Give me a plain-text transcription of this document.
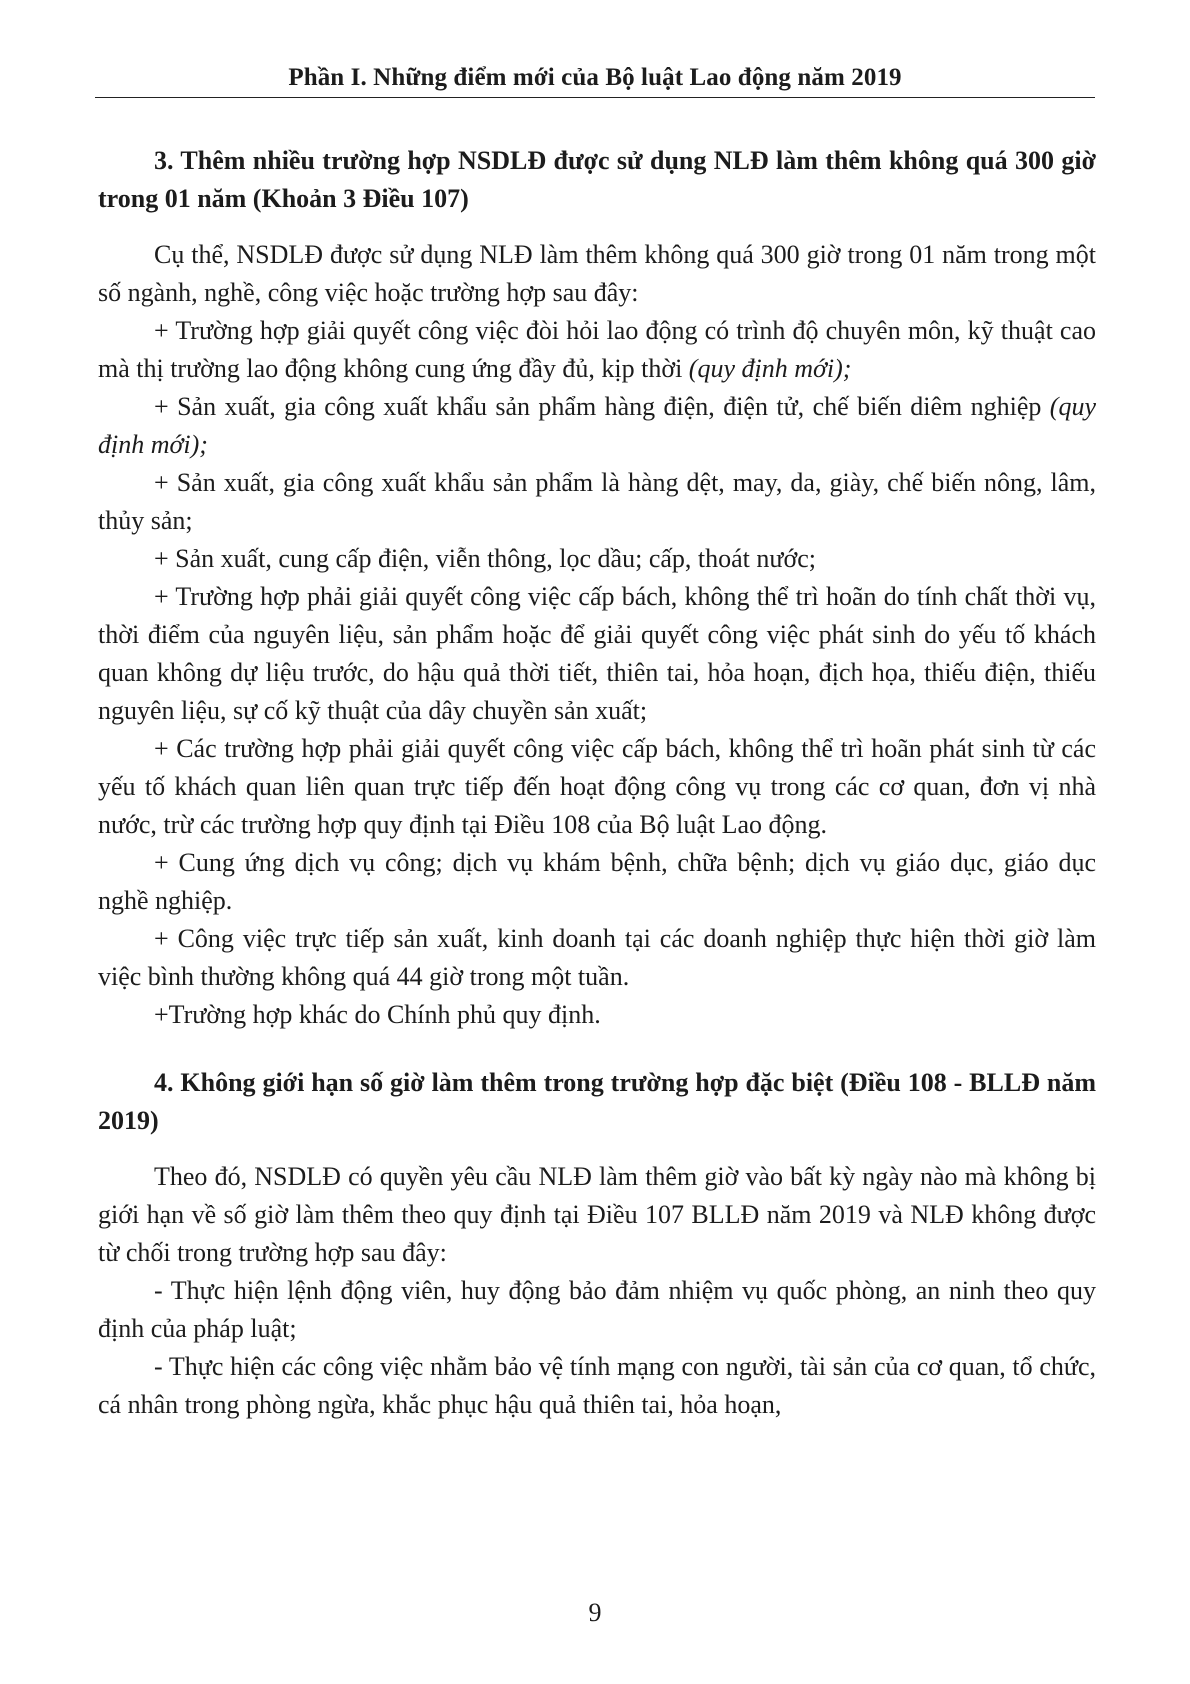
Phần I. Những điểm mới của Bộ luật Lao động năm 2019

3. Thêm nhiều trường hợp NSDLĐ được sử dụng NLĐ làm thêm không quá 300 giờ trong 01 năm (Khoản 3 Điều 107)

Cụ thể, NSDLĐ được sử dụng NLĐ làm thêm không quá 300 giờ trong 01 năm trong một số ngành, nghề, công việc hoặc trường hợp sau đây:

+ Trường hợp giải quyết công việc đòi hỏi lao động có trình độ chuyên môn, kỹ thuật cao mà thị trường lao động không cung ứng đầy đủ, kịp thời (quy định mới);

+ Sản xuất, gia công xuất khẩu sản phẩm hàng điện, điện tử, chế biến diêm nghiệp (quy định mới);

+ Sản xuất, gia công xuất khẩu sản phẩm là hàng dệt, may, da, giày, chế biến nông, lâm, thủy sản;

+ Sản xuất, cung cấp điện, viễn thông, lọc dầu; cấp, thoát nước;

+ Trường hợp phải giải quyết công việc cấp bách, không thể trì hoãn do tính chất thời vụ, thời điểm của nguyên liệu, sản phẩm hoặc để giải quyết công việc phát sinh do yếu tố khách quan không dự liệu trước, do hậu quả thời tiết, thiên tai, hỏa hoạn, địch họa, thiếu điện, thiếu nguyên liệu, sự cố kỹ thuật của dây chuyền sản xuất;

+ Các trường hợp phải giải quyết công việc cấp bách, không thể trì hoãn phát sinh từ các yếu tố khách quan liên quan trực tiếp đến hoạt động công vụ trong các cơ quan, đơn vị nhà nước, trừ các trường hợp quy định tại Điều 108 của Bộ luật Lao động.

+ Cung ứng dịch vụ công; dịch vụ khám bệnh, chữa bệnh; dịch vụ giáo dục, giáo dục nghề nghiệp.

+ Công việc trực tiếp sản xuất, kinh doanh tại các doanh nghiệp thực hiện thời giờ làm việc bình thường không quá 44 giờ trong một tuần.

+Trường hợp khác do Chính phủ quy định.

4. Không giới hạn số giờ làm thêm trong trường hợp đặc biệt (Điều 108 - BLLĐ năm 2019)

Theo đó, NSDLĐ có quyền yêu cầu NLĐ làm thêm giờ vào bất kỳ ngày nào mà không bị giới hạn về số giờ làm thêm theo quy định tại Điều 107 BLLĐ năm 2019 và NLĐ không được từ chối trong trường hợp sau đây:

- Thực hiện lệnh động viên, huy động bảo đảm nhiệm vụ quốc phòng, an ninh theo quy định của pháp luật;

- Thực hiện các công việc nhằm bảo vệ tính mạng con người, tài sản của cơ quan, tổ chức, cá nhân trong phòng ngừa, khắc phục hậu quả thiên tai, hỏa hoạn,

9
